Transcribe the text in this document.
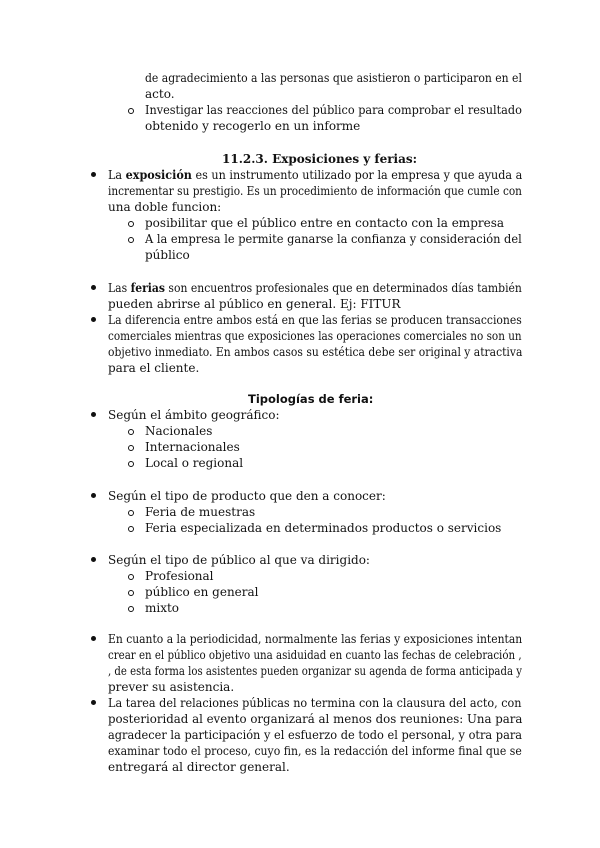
de agradecimiento a las personas que asistieron o participaron en el
acto.
Investigar las reacciones del público para comprobar el resultado
obtenido y recogerlo en un informe
11.2.3. Exposiciones y ferias:
La exposición es un instrumento utilizado por la empresa y que ayuda a
incrementar su prestigio. Es un procedimiento de información que cumle con
una doble funcion:
posibilitar que el público entre en contacto con la empresa
A la empresa le permite ganarse la confianza y consideración del
público
Las ferias son encuentros profesionales que en determinados días también
pueden abrirse al público en general. Ej: FITUR
La diferencia entre ambos está en que las ferias se producen transacciones
comerciales mientras que exposiciones las operaciones comerciales no son un
objetivo inmediato. En ambos casos su estética debe ser original y atractiva
para el cliente.
Tipologías de feria:
Según el ámbito geográfico:
Nacionales
Internacionales
Local o regional
Según el tipo de producto que den a conocer:
Feria de muestras
Feria especializada en determinados productos o servicios
Según el tipo de público al que va dirigido:
Profesional
público en general
mixto
En cuanto a la periodicidad, normalmente las ferias y exposiciones intentan
crear en el público objetivo una asiduidad en cuanto las fechas de celebración ,
, de esta forma los asistentes pueden organizar su agenda de forma anticipada y
prever su asistencia.
La tarea del relaciones públicas no termina con la clausura del acto, con
posterioridad al evento organizará al menos dos reuniones: Una para
agradecer la participación y el esfuerzo de todo el personal, y otra para
examinar todo el proceso, cuyo fin, es la redacción del informe final que se
entregará al director general.
